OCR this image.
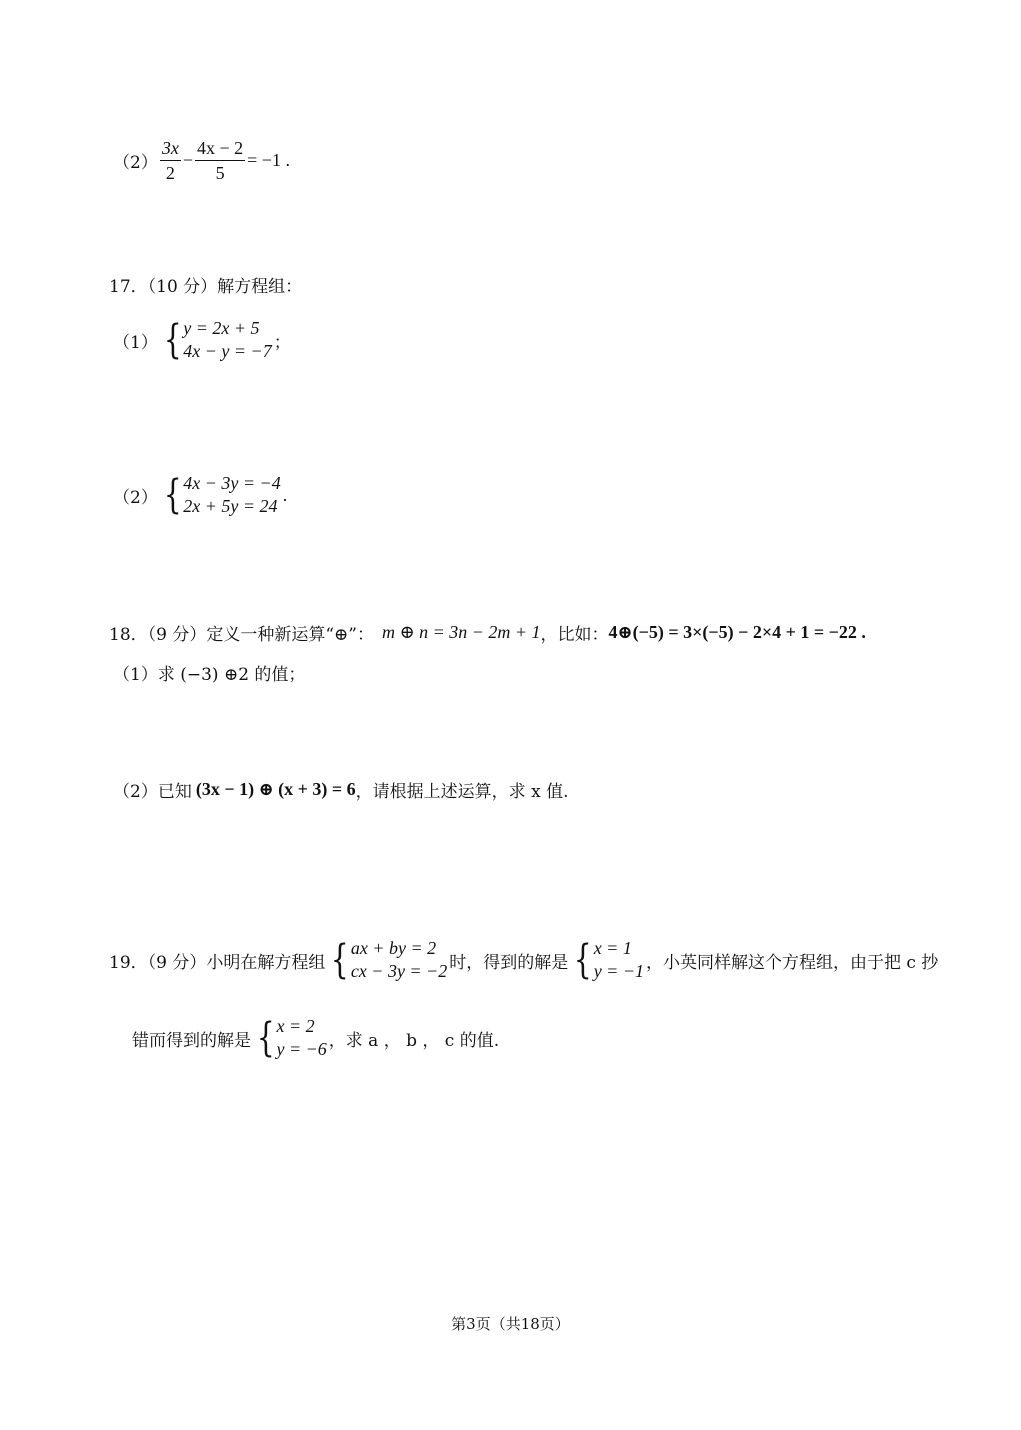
$(2) \frac{3x}{2} - \frac{4x - 2}{5} = -1$ .
17．（10 分）解方程组：
（1） { y = 2x + 5
4x − y = −7 ；
（2） { 4x − 3y = −4
2x + 5y = 24
.
18．（9 分）定义一种新运算“⊕”： m ⊕ n = 3n − 2m + 1 ，比如： 4⊕(−5) = 3×(−5) − 2×4 + 1 = −22 .
（1）求 (−3) ⊕2 的值；
（2）已知 (3x − 1) ⊕ (x + 3) = 6 ，请根据上述运算，求 x 值.
19．（9 分）小明在解方程组 { ax + by = 2
cx − 3y = −2 时，得到的解是 { x = 1
y = −1 ，小英同样解这个方程组，由于把 c 抄
错而得到的解是 { x = 2
y = −6 ，求 a ， b ， c 的值.
第3页（共18页）
